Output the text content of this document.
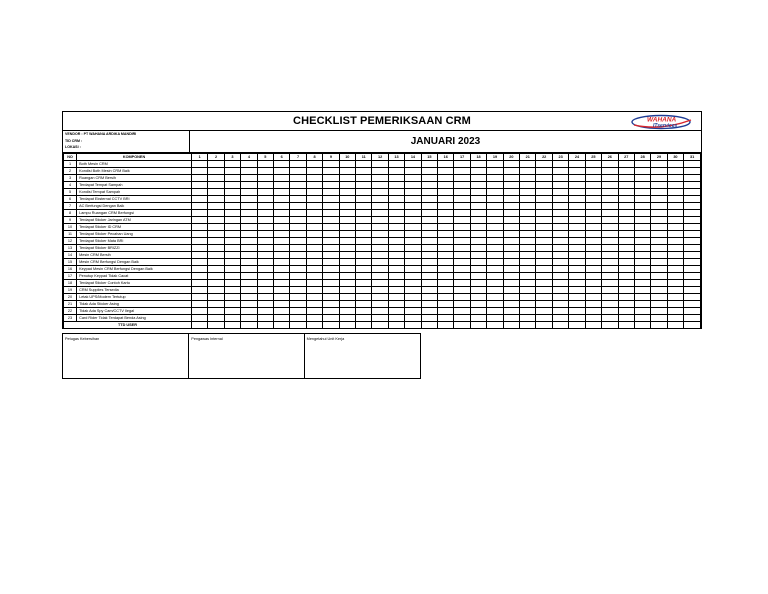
CHECKLIST PEMERIKSAAN CRM	WAHANA
ITservices
VENDOR : PT WAHANA ARDIKA MANDIRI
TID CRM :
LOKASI :
JANUARI 2023
NO	KOMPONEN	1	2	3	4	5	6	7	8	9	10	11	12	13	14	15	16	17	18	19	20	21	22	23	24	25	26	27	28	29	30	31
1	Both Mesin CRM																															
2	Kondisi Both Mesin CRM Baik																															
3	Ruangan CRM Bersih																															
4	Terdapat Tempat Sampah																															
5	Kondisi Tempat Sampah																															
6	Terdapat Eksternal CCTV BRI																															
7	AC Berfungsi Dengan Baik																															
8	Lampu Ruangan CRM Berfungsi																															
9	Terdapat Sticker Jaringan ATM																															
10	Terdapat Sticker ID CRM																															
11	Terdapat Sticker Pecahan Uang																															
12	Terdapat Sticker Mata BRI																															
13	Terdapat Sticker BRIZZI																															
14	Mesin CRM Bersih																															
15	Mesin CRM Berfungsi Dengan Baik																															
16	Keypad Mesin CRM Berfungsi Dengan Baik																															
17	Penutup Keypad Tidak Cacat																															
18	Terdapat Sticker Contoh Kartu																															
19	CRM Supplies Tersedia																															
20	Letak UPS/Modem Tertutup																															
21	Tidak Ada Sticker Asing																															
22	Tidak Ada Spy Cam/CCTV Ilegal																															
23	Card Rider Tidak Terdapat Benda Asing																															
TTD USER																																
Petugas Kebersihan	Pengawas Internal	Mengetahui Unit Kerja
